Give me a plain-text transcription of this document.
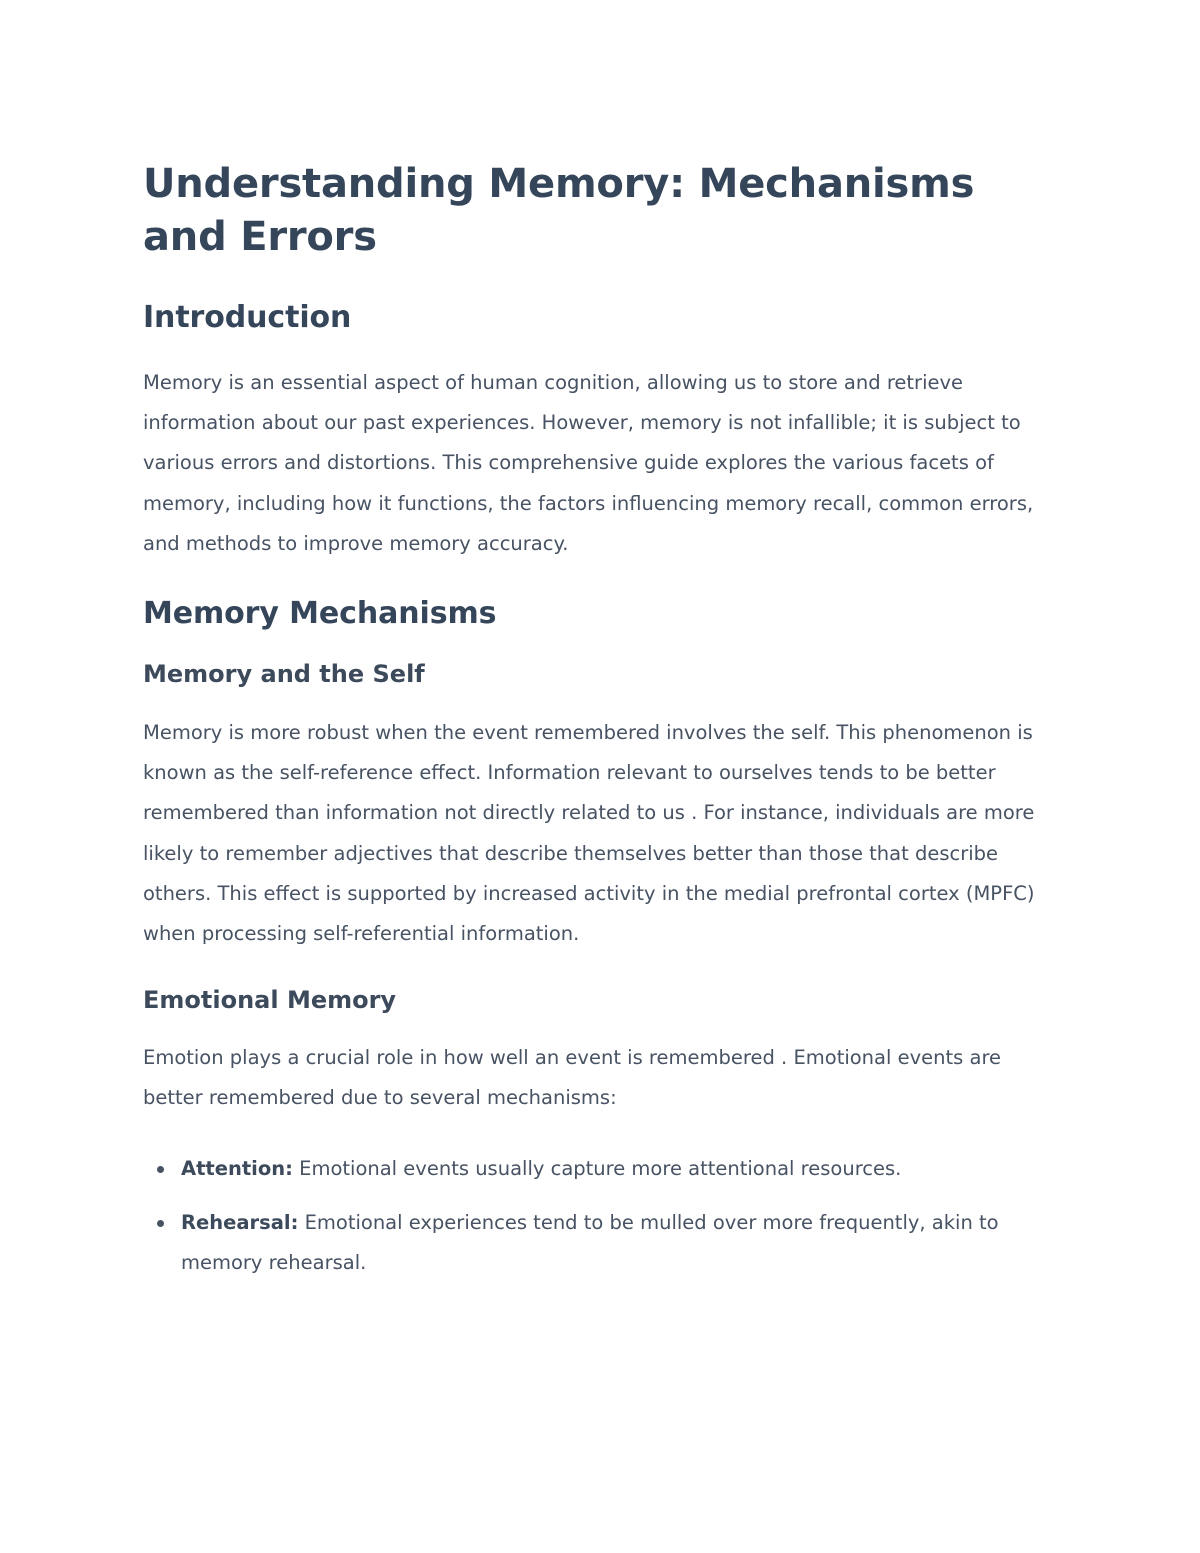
Understanding Memory: Mechanisms and Errors
Introduction

Memory is an essential aspect of human cognition, allowing us to store and retrieve information about our past experiences. However, memory is not infallible; it is subject to various errors and distortions. This comprehensive guide explores the various facets of memory, including how it functions, the factors influencing memory recall, common errors, and methods to improve memory accuracy.

Memory Mechanisms
Memory and the Self

Memory is more robust when the event remembered involves the self. This phenomenon is known as the self-reference effect. Information relevant to ourselves tends to be better remembered than information not directly related to us . For instance, individuals are more likely to remember adjectives that describe themselves better than those that describe others. This effect is supported by increased activity in the medial prefrontal cortex (MPFC) when processing self-referential information.

Emotional Memory

Emotion plays a crucial role in how well an event is remembered . Emotional events are better remembered due to several mechanisms:

Attention: Emotional events usually capture more attentional resources.
Rehearsal: Emotional experiences tend to be mulled over more frequently, akin to memory rehearsal.
